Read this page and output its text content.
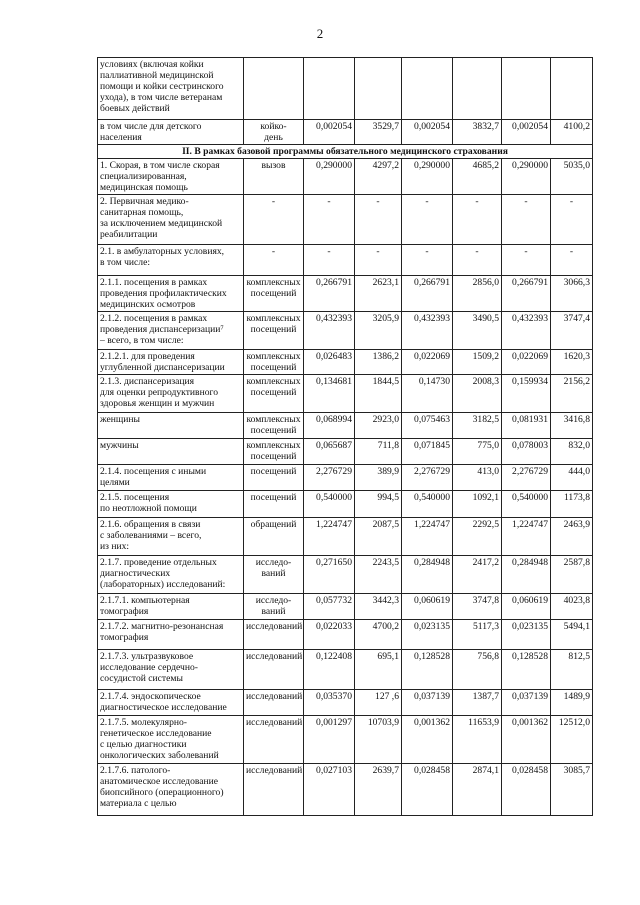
2
условиях (включая койки
паллиативной медицинской
помощи и койки сестринского
ухода), в том числе ветеранам
боевых действий							
в том числе для детского
населения	койко-
день	0,002054	3529,7	0,002054	3832,7	0,002054	4100,2
II. В рамках базовой программы обязательного медицинского страхования							
1. Скорая, в том числе скорая
специализированная,
медицинская помощь	вызов	0,290000	4297,2	0,290000	4685,2	0,290000	5035,0
2. Первичная медико-
санитарная помощь,
за исключением медицинской
реабилитации	-	-	-	-	-	-	-
2.1. в амбулаторных условиях,
в том числе:	-	-	-	-	-	-	-
2.1.1. посещения в рамках
проведения профилактических
медицинских осмотров	комплексных
посещений	0,266791	2623,1	0,266791	2856,0	0,266791	3066,3
2.1.2. посещения в рамках
проведения диспансеризации⁷
– всего, в том числе:	комплексных
посещений	0,432393	3205,9	0,432393	3490,5	0,432393	3747,4
2.1.2.1. для проведения
углубленной диспансеризации	комплексных
посещений	0,026483	1386,2	0,022069	1509,2	0,022069	1620,3
2.1.3. диспансеризация
для оценки репродуктивного
здоровья женщин и мужчин	комплексных
посещений	0,134681	1844,5	0,14730	2008,3	0,159934	2156,2
женщины	комплексных
посещений	0,068994	2923,0	0,075463	3182,5	0,081931	3416,8
мужчины	комплексных
посещений	0,065687	711,8	0,071845	775,0	0,078003	832,0
2.1.4. посещения с иными
целями	посещений	2,276729	389,9	2,276729	413,0	2,276729	444,0
2.1.5. посещения
по неотложной помощи	посещений	0,540000	994,5	0,540000	1092,1	0,540000	1173,8
2.1.6. обращения в связи
с заболеваниями – всего,
из них:	обращений	1,224747	2087,5	1,224747	2292,5	1,224747	2463,9
2.1.7. проведение отдельных
диагностических
(лабораторных) исследований:	исследо-
ваний	0,271650	2243,5	0,284948	2417,2	0,284948	2587,8
2.1.7.1. компьютерная
томография	исследо-
ваний	0,057732	3442,3	0,060619	3747,8	0,060619	4023,8
2.1.7.2. магнитно-резонансная
томография	исследований	0,022033	4700,2	0,023135	5117,3	0,023135	5494,1
2.1.7.3. ультразвуковое
исследование сердечно-
сосудистой системы	исследований	0,122408	695,1	0,128528	756,8	0,128528	812,5
2.1.7.4. эндоскопическое
диагностическое исследование	исследований	0,035370	127 ,6	0,037139	1387,7	0,037139	1489,9
2.1.7.5. молекулярно-
генетическое исследование
с целью диагностики
онкологических заболеваний	исследований	0,001297	10703,9	0,001362	11653,9	0,001362	12512,0
2.1.7.6. патолого-
анатомическое исследование
биопсийного (операционного)
материала с целью	исследований	0,027103	2639,7	0,028458	2874,1	0,028458	3085,7
